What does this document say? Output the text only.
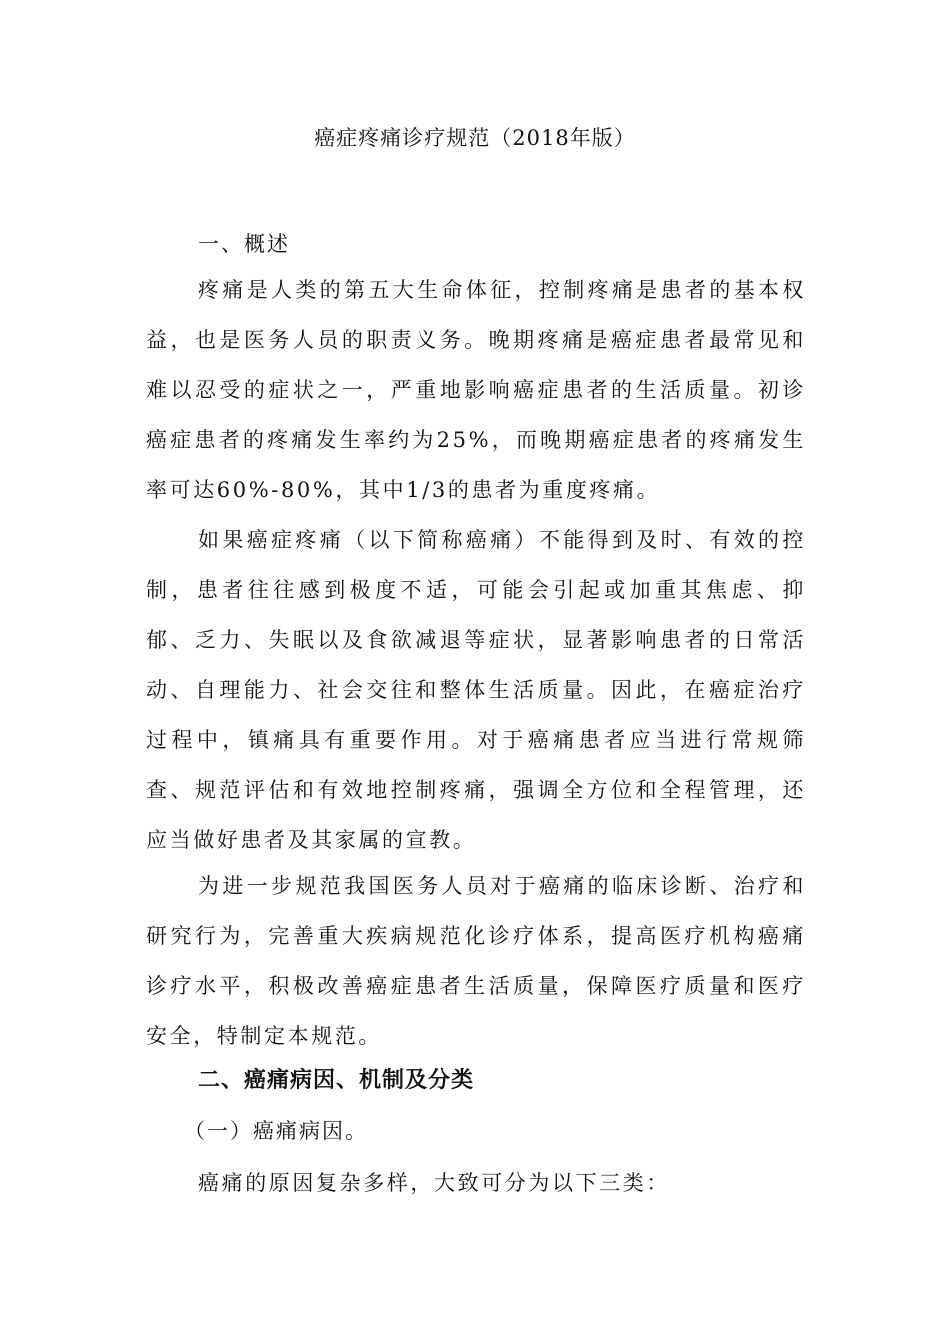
癌症疼痛诊疗规范（2018年版）
一、概述

疼痛是人类的第五大生命体征，控制疼痛是患者的基本权益，也是医务人员的职责义务。晚期疼痛是癌症患者最常见和难以忍受的症状之一，严重地影响癌症患者的生活质量。初诊癌症患者的疼痛发生率约为25%，而晚期癌症患者的疼痛发生率可达60%-80%，其中1/3的患者为重度疼痛。

如果癌症疼痛（以下简称癌痛）不能得到及时、有效的控制，患者往往感到极度不适，可能会引起或加重其焦虑、抑郁、乏力、失眠以及食欲减退等症状，显著影响患者的日常活动、自理能力、社会交往和整体生活质量。因此，在癌症治疗过程中，镇痛具有重要作用。对于癌痛患者应当进行常规筛查、规范评估和有效地控制疼痛，强调全方位和全程管理，还应当做好患者及其家属的宣教。

为进一步规范我国医务人员对于癌痛的临床诊断、治疗和研究行为，完善重大疾病规范化诊疗体系，提高医疗机构癌痛诊疗水平，积极改善癌症患者生活质量，保障医疗质量和医疗安全，特制定本规范。

二、癌痛病因、机制及分类
（一）癌痛病因。
癌痛的原因复杂多样，大致可分为以下三类：
